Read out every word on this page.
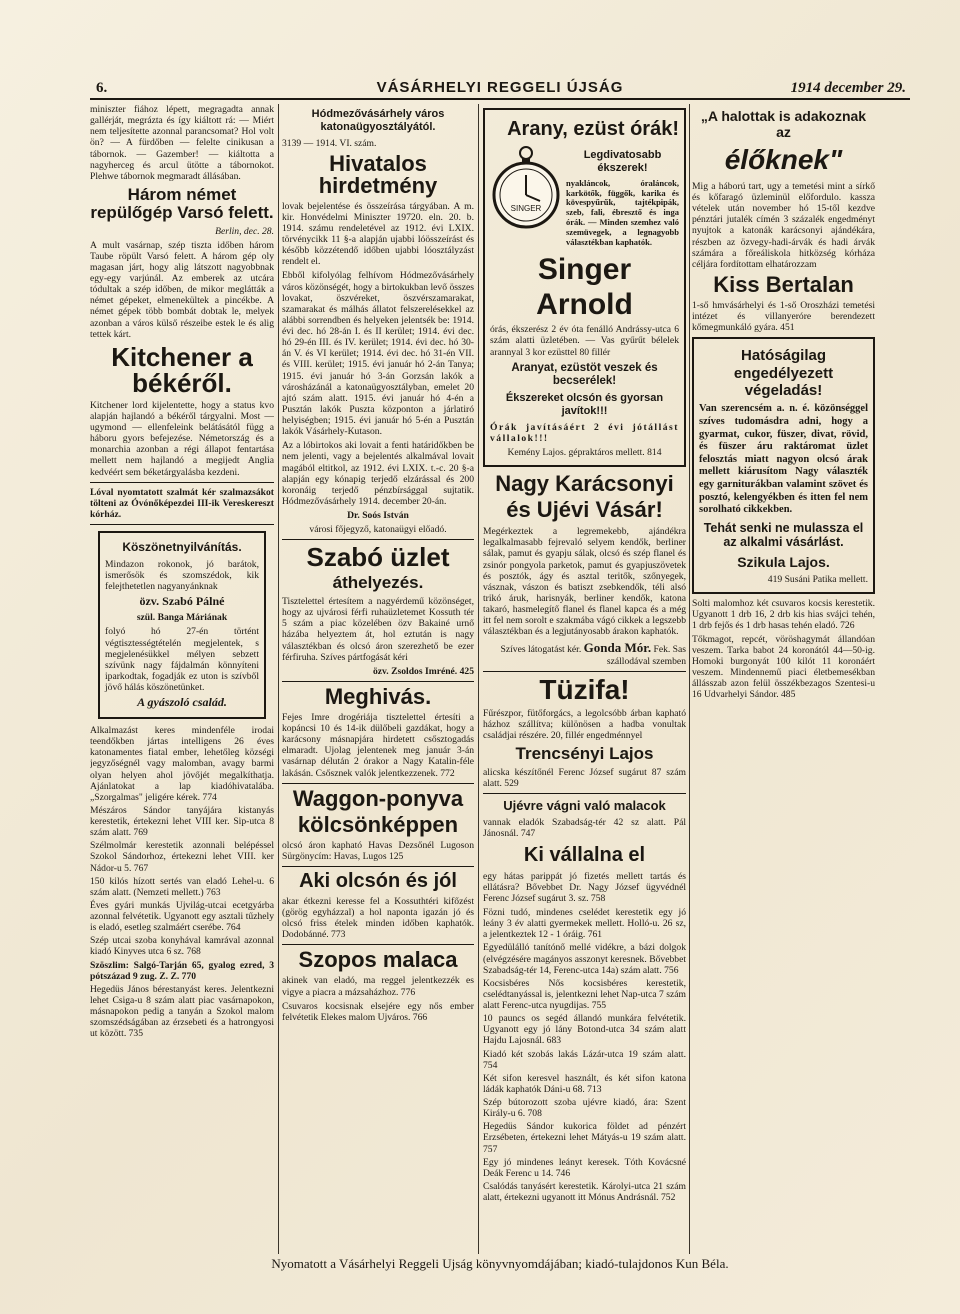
6.	VÁSÁRHELYI REGGELI ÚJSÁG	1914 december 29.

miniszter fiához lépett, megragadta annak gallérját, megrázta és így kiáltott rá: — Miért nem teljesítette azonnal parancsomat? Hol volt ön? — A fürdőben — felelte cinikusan a tábornok. — Gazember! — kiáltotta a nagyherceg és arcul ütötte a tábornokot. Plehwe tábornok megmaradt állásában.

Három német repülőgép Varsó felett.

Berlin, dec. 28.

A mult vasárnap, szép tiszta időben három Taube röpült Varsó felett. A három gép oly magasan járt, hogy alig látszott nagyobbnak egy-egy varjúnál. Az emberek az utcára tódultak a szép időben, de mikor meglátták a német gépeket, elmenekültek a pincékbe. A német gépek több bombát dobtak le, melyek azonban a város külső részeibe estek le és alig tettek kárt.

Kitchener a békéről.

Kitchener lord kijelentette, hogy a status kvo alapján hajlandó a békéről tárgyalni. Most — ugymond — ellenfeleink belátásától függ a háboru gyors befejezése. Németország és a monarchia azonban a régi állapot fentartása mellett nem hajlandó a megijedt Anglia kedvéért sem béketárgyalásba kezdeni.

Lóval nyomtatott szalmát kér szalmazsákot tölteni az Óvónőképezdei III-ik Vereskereszt kórház.

Köszönetnyilvánítás.

Mindazon rokonok, jó barátok, ismerősök és szomszédok, kik felejthetetlen nagyanyánknak

özv. Szabó Pálné

szül. Banga Máriának

folyó hó 27-én történt végtisztességtételén megjelentek, s megjelenésükkel mélyen sebzett szívünk nagy fájdalmán könnyíteni iparkodtak, fogadják ez uton is szívből jövő hálás köszönetünket.

A gyászoló család.

Alkalmazást keres mindenféle irodai teendőkben jártas intelligens 26 éves katonamentes fiatal ember, lehetőleg községi jegyzőségnél vagy malomban, avagy barmi olyan helyen ahol jövőjét megalkíthatja. Ajánlatokat a lap kiadóhivatalába. „Szorgalmas" jeligére kérek. 774

Mészáros Sándor tanyájára kistanyás kerestetik, értekezni lehet VIII ker. Sip-utca 8 szám alatt. 769

Szélmolmár kerestetik azonnali belépéssel Szokol Sándorhoz, értekezni lehet VIII. ker Nádor-u 5. 767

150 kilós hízott sertés van eladó Lehel-u. 6 szám alatt. (Nemzeti mellett.) 763

Éves gyári munkás Ujvilág-utcai ecetgyárba azonnal felvétetik. Ugyanott egy asztali tűzhely is eladó, esetleg szalmáért cserébe. 764

Szép utcai szoba konyhával kamrával azonnal kiadó Kinyves utca 6 sz. 768

Szöszlim: Salgó-Tarján 65, gyalog ezred, 3 pótszázad 9 zug. Z. Z. 770

Hegedüs János bérestanyást keres. Jelentkezni lehet Csiga-u 8 szám alatt piac vasárnapokon, másnapokon pedig a tanyán a Szokol malom szomszédságában az érzsebeti és a hatrongyosi ut között. 735

Hódmezővásárhely város katonaügyosztályától.

3139 — 1914. VI. szám.

Hivatalos hirdetmény

lovak bejelentése és összeírása tárgyában. A m. kir. Honvédelmi Miniszter 19720. eln. 20. b. 1914. számu rendeletével az 1912. évi LXIX. törvénycikk 11 §-a alapján ujabbi lóösszeírást és később közzétendő időben ujabbi lóosztályzást rendelt el.

Ebből kifolyólag felhívom Hódmezővásárhely város közönségét, hogy a birtokukban levő összes lovakat, öszvéreket, öszvérszamarakat, szamarakat és málhás állatot felszerelésekkel az alábbi sorrendben és helyeken jelentsék be: 1914. évi dec. hó 28-án I. és II kerület; 1914. évi dec. hó 29-én III. és IV. kerület; 1914. évi dec. hó 30-án V. és VI kerület; 1914. évi dec. hó 31-én VII. és VIII. kerület; 1915. évi január hó 2-án Tanya; 1915. évi január hó 3-án Gorzsán lakók a városházánál a katonaügyosztályban, emelet 20 ajtó szám alatt. 1915. évi január hó 4-én a Pusztán lakók Puszta központon a járlatiró helyiségben; 1915. évi január hó 5-én a Pusztán lakók Vásárhely-Kutason.

Az a lóbirtokos aki lovait a fenti határidőkben be nem jelenti, vagy a bejelentés alkalmával lovait magából eltitkol, az 1912. évi LXIX. t.-c. 20 §-a alapján egy kónapig terjedő elzárással és 200 koronáig terjedő pénzbírsággal sujtatik. Hódmezővásárhely 1914. december 20-án.

Dr. Soós István

városi főjegyző, katonaügyi előadó.

Szabó üzlet

áthelyezés.

Tisztelettel értesítem a nagyérdemű közönséget, hogy az ujvárosi férfi ruhaüzletemet Kossuth tér 5 szám a piac közelében özv Bakainé urnő házába helyeztem át, hol eztután is nagy választékban és olcsó áron szerezhető be ezer férfiruha. Szíves pártfogását kéri

özv. Zsoldos Imréné. 425

Meghivás.

Fejes Imre drogériája tisztelettel értesíti a kopáncsi 10 és 14-ik dülőbeli gazdákat, hogy a karácsony másnapjára hirdetett csősztogadás elmaradt. Ujolag jelentenek meg január 3-án vasárnap délután 2 órakor a Nagy Katalin-féle lakásán. Csősznek valók jelentkezzenek. 772

Waggon-ponyva

kölcsönképpen

olcsó áron kapható Havas Dezsőnél Lugoson Sürgönycím: Havas, Lugos 125

Aki olcsón és jól

akar étkezni keresse fel a Kossuthtéri kifőzést (görög egyházzal) a hol naponta igazán jó és olcsó friss ételek minden időben kaphatók. Dodobánné. 773

Szopos malaca

akinek van eladó, ma reggel jelentkezzék es vigye a piacra a mázsaházhoz. 776

Csuvaros kocsisnak elsejére egy nős ember felvétetik Elekes malom Ujváros. 766

Arany, ezüst órák!

SINGER

Legdivatosabb ékszerek!

nyakláncok, óraláncok, karkötők, függők, karika és kövespyűrűk, tajtékpipák, szeb, fali, ébresztő és inga órák. — Minden szemhez való szemüvegek, a legnagyobb választékban kaphatók.

Singer Arnold

órás, ékszerész 2 év óta fenálló Andrássy-utca 6 szám alatti üzletében. — Vas gyűrűt bélelek arannyal 3 kor ezüsttel 80 fillér

Aranyat, ezüstöt veszek és becserélek!

Ékszereket olcsón és gyorsan javítok!!!

Órák javításáért 2 évi jótállást vállalok!!!

Kemény Lajos. gépraktáros mellett. 814

Nagy Karácsonyi és Ujévi Vásár!

Megérkeztek a legremekebb, ajándékra legalkalmasabb fejrevaló selyem kendők, berliner sálak, pamut és gyapju sálak, olcsó és szép flanel és zsinór pongyola parketok, pamut és gyapjuszövetek és posztók, ágy és asztal teritők, szőnyegek, vásznak, vászon és batiszt zsebkendők, téli alsó trikó áruk, harisnyák, berliner kendők, katona takaró, hasmelegítő flanel és flanel kapca és a még itt fel nem sorolt e szakmába vágó cikkek a legszebb választékban és a legjutányosabb árakon kaphatók.

Szíves látogatást kér. Gonda Mór. Fek. Sas szállodával szemben

Tüzifa!

Fűrészpor, fütőforgács, a legolcsóbb árban kapható házhoz szállítva; különösen a hadba vonultak családjai részére. 20, fillér engedménnyel

Trencsényi Lajos

alicska készítőnél Ferenc József sugárut 87 szám alatt. 529

Ujévre vágni való malacok

vannak eladók Szabadság-tér 42 sz alatt. Pál Jánosnál. 747

Ki vállalna el

egy hátas parippát jó fizetés mellett tartás és ellátásra? Bővebbet Dr. Nagy József ügyvédnél Ferenc József sugárut 3. sz. 758

Fözni tudó, mindenes cselédet kerestetik egy jó leány 3 év alatti gyermekek mellett. Holló-u. 26 sz, a jelentkeztek 12 - 1 óráig. 761

Egyedülálló tanítónő mellé vidékre, a bázi dolgok (elvégzésére magányos asszonyt keresnek. Bővebbet Szabadság-tér 14, Ferenc-utca 14a) szám alatt. 756

Kocsisbéres Nős kocsisbéres kerestetik, cselédtanyással is, jelentkezni lehet Nap-utca 7 szám alatt Ferenc-utca nyugdijas. 755

10 pauncs os segéd állandó munkára felvétetik. Ugyanott egy jó lány Botond-utca 34 szám alatt Hajdu Lajosnál. 683

Kiadó két szobás lakás Lázár-utca 19 szám alatt. 754

Két sifon keresvel használt, és két sifon katona ládák kaphatók Dáni-u 68. 713

Szép bútorozott szoba ujévre kiadó, ára: Szent Király-u 6. 708

Hegedüs Sándor kukorica földet ad pénzért Erzsébeten, értekezni lehet Mátyás-u 19 szám alatt. 757

Egy jó mindenes leányt keresek. Tóth Kovácsné Deák Ferenc u 14. 746

Csalódás tanyásért kerestetik. Károlyi-utca 21 szám alatt, értekezni ugyanott itt Mónus Andrásnál. 752

„A halottak is adakoznak az

élőknek"

Mig a háború tart, ugy a temetési mint a sírkő és kőfaragó üzleminül előfordulo. kassza vételek után november hó 15-től kezdve pénztári jutalék címén 3 százalék engedményt nyujtok a katonák karácsonyi ajándékára, részben az özvegy-hadi-árvák és hadi árvák számára a főreáliskola hitközség kórháza céljára fordítottam elhatározzam

Kiss Bertalan

1-ső hmvásárhelyi és 1-ső Oroszházi temetési intézet és villanyeróre berendezett kőmegmunkáló gyára. 451

Hatóságilag engedélyezett végeladás!

Van szerencsém a. n. é. közönséggel szíves tudomásdra adni, hogy a gyarmat, cukor, füszer, divat, rövid, és füszer áru raktáromat üzlet felosztás miatt nagyon olcsó árak mellett kiárusítom Nagy választék egy garniturákban valamint szövet és posztó, kelengyékben és itten fel nem sorolható cikkekben.

Tehát senki ne mulassza el az alkalmi vásárlást.

Szikula Lajos.

419 Susáni Patika mellett.

Solti malomhoz két csuvaros kocsis kerestetik. Ugyanott 1 drb 16, 2 drb kis hias svájci tehén, 1 drb fejős és 1 drb hasas tehén eladó. 726

Tőkmagot, repcét, vöröshagymát állandóan veszem. Tarka babot 24 koronától 44—50-ig. Homoki burgonyát 100 kilót 11 koronáért veszem. Mindennemű piaci életbemesékban állásszab azon felül összékbezagos Szentesi-u 16 Udvarhelyi Sándor. 485

Nyomatott a Vásárhelyi Reggeli Ujság könyvnyomdájában; kiadó-tulajdonos Kun Béla.
